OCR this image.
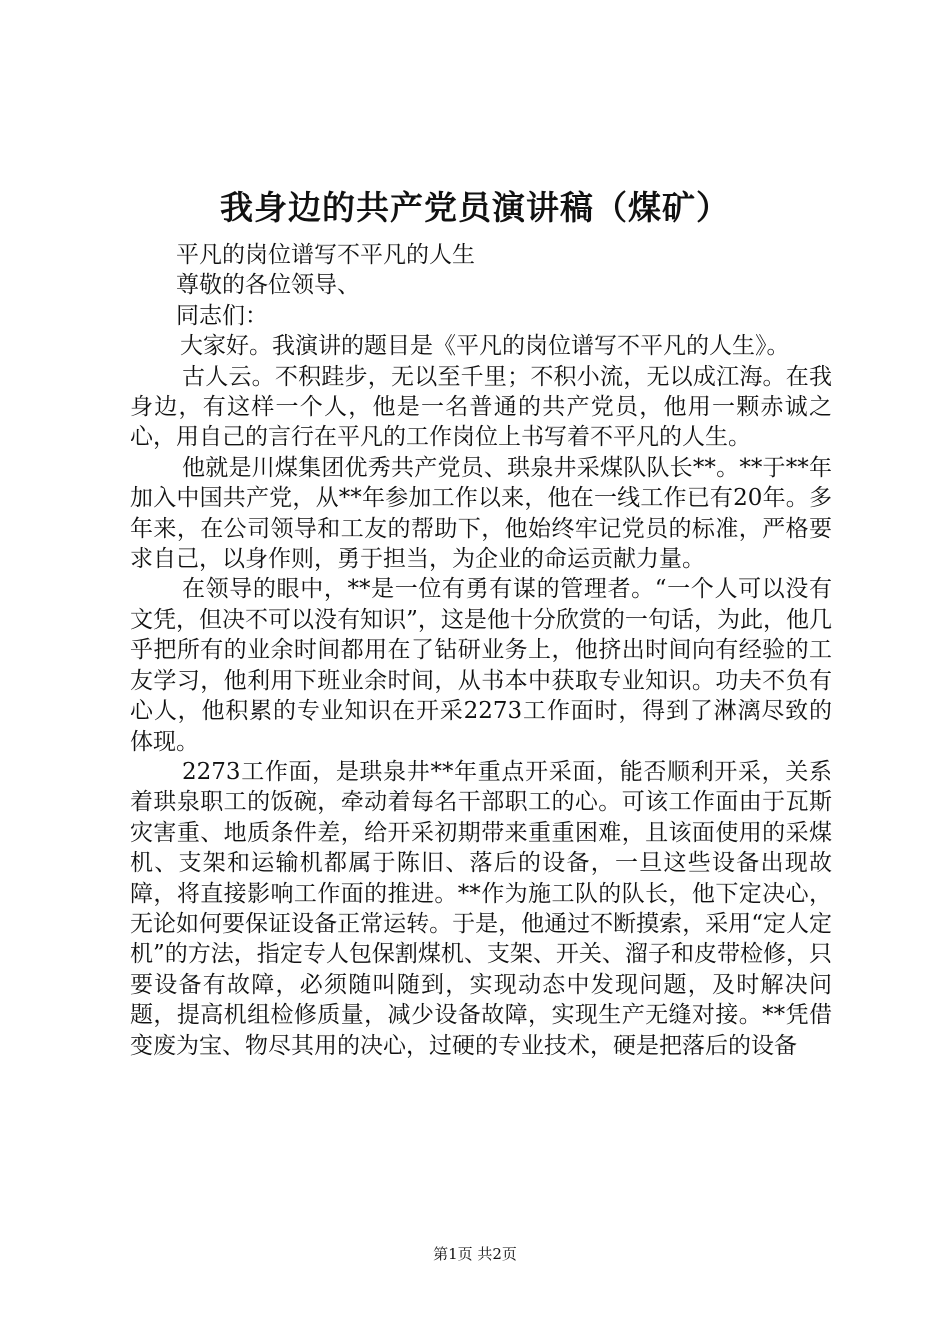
我身边的共产党员演讲稿（煤矿）

平凡的岗位谱写不平凡的人生

尊敬的各位领导、

同志们：

大家好。我演讲的题目是《平凡的岗位谱写不平凡的人生》。

古人云。不积跬步，无以至千里；不积小流，无以成江海。在我身边，有这样一个人，他是一名普通的共产党员，他用一颗赤诚之心，用自己的言行在平凡的工作岗位上书写着不平凡的人生。

他就是川煤集团优秀共产党员、珙泉井采煤队队长**。**于**年加入中国共产党，从**年参加工作以来，他在一线工作已有20年。多年来，在公司领导和工友的帮助下，他始终牢记党员的标准，严格要求自己，以身作则，勇于担当，为企业的命运贡献力量。

在领导的眼中，**是一位有勇有谋的管理者。“一个人可以没有文凭，但决不可以没有知识”，这是他十分欣赏的一句话，为此，他几乎把所有的业余时间都用在了钻研业务上，他挤出时间向有经验的工友学习，他利用下班业余时间，从书本中获取专业知识。功夫不负有心人，他积累的专业知识在开采2273工作面时，得到了淋漓尽致的体现。

2273工作面，是珙泉井**年重点开采面，能否顺利开采，关系着珙泉职工的饭碗，牵动着每名干部职工的心。可该工作面由于瓦斯灾害重、地质条件差，给开采初期带来重重困难，且该面使用的采煤机、支架和运输机都属于陈旧、落后的设备，一旦这些设备出现故障，将直接影响工作面的推进。**作为施工队的队长，他下定决心，无论如何要保证设备正常运转。于是，他通过不断摸索，采用“定人定机”的方法，指定专人包保割煤机、支架、开关、溜子和皮带检修，只要设备有故障，必须随叫随到，实现动态中发现问题，及时解决问题，提高机组检修质量，减少设备故障，实现生产无缝对接。**凭借变废为宝、物尽其用的决心，过硬的专业技术，硬是把落后的设备

第1页 共2页
